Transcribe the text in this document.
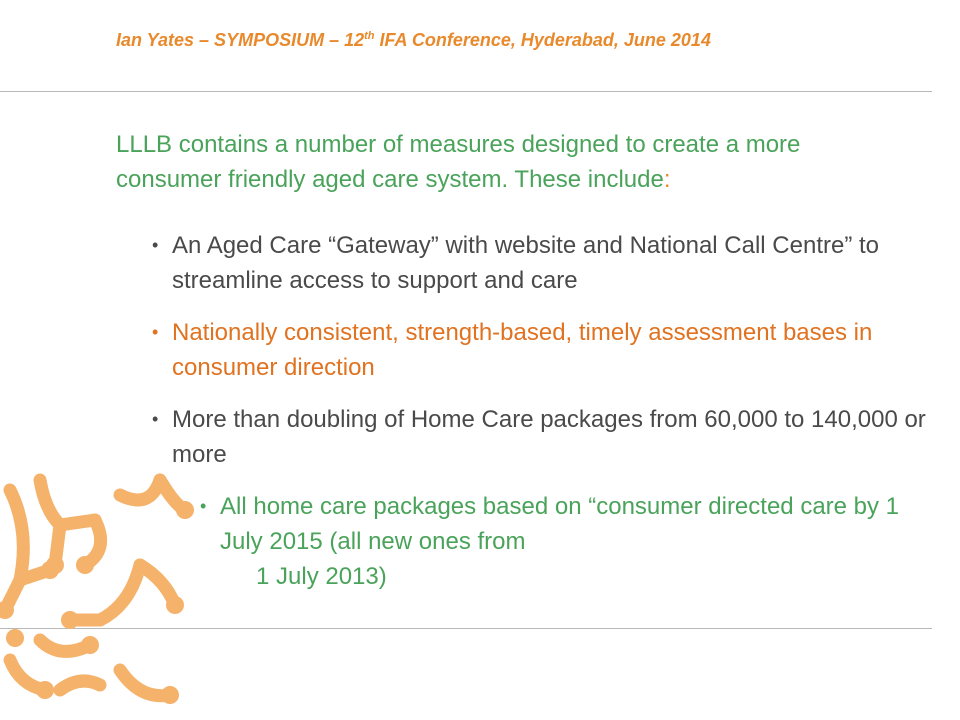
Ian Yates – SYMPOSIUM – 12th IFA Conference, Hyderabad, June 2014
LLLB contains a number of measures designed to create a more consumer friendly aged care system. These include:
• An Aged Care “Gateway” with website and National Call Centre” to streamline access to support and care
• Nationally consistent, strength-based, timely assessment bases in consumer direction
• More than doubling of Home Care packages from 60,000 to 140,000 or more
• All home care packages based on “consumer directed care by 1 July 2015 (all new ones from
1 July 2013)
